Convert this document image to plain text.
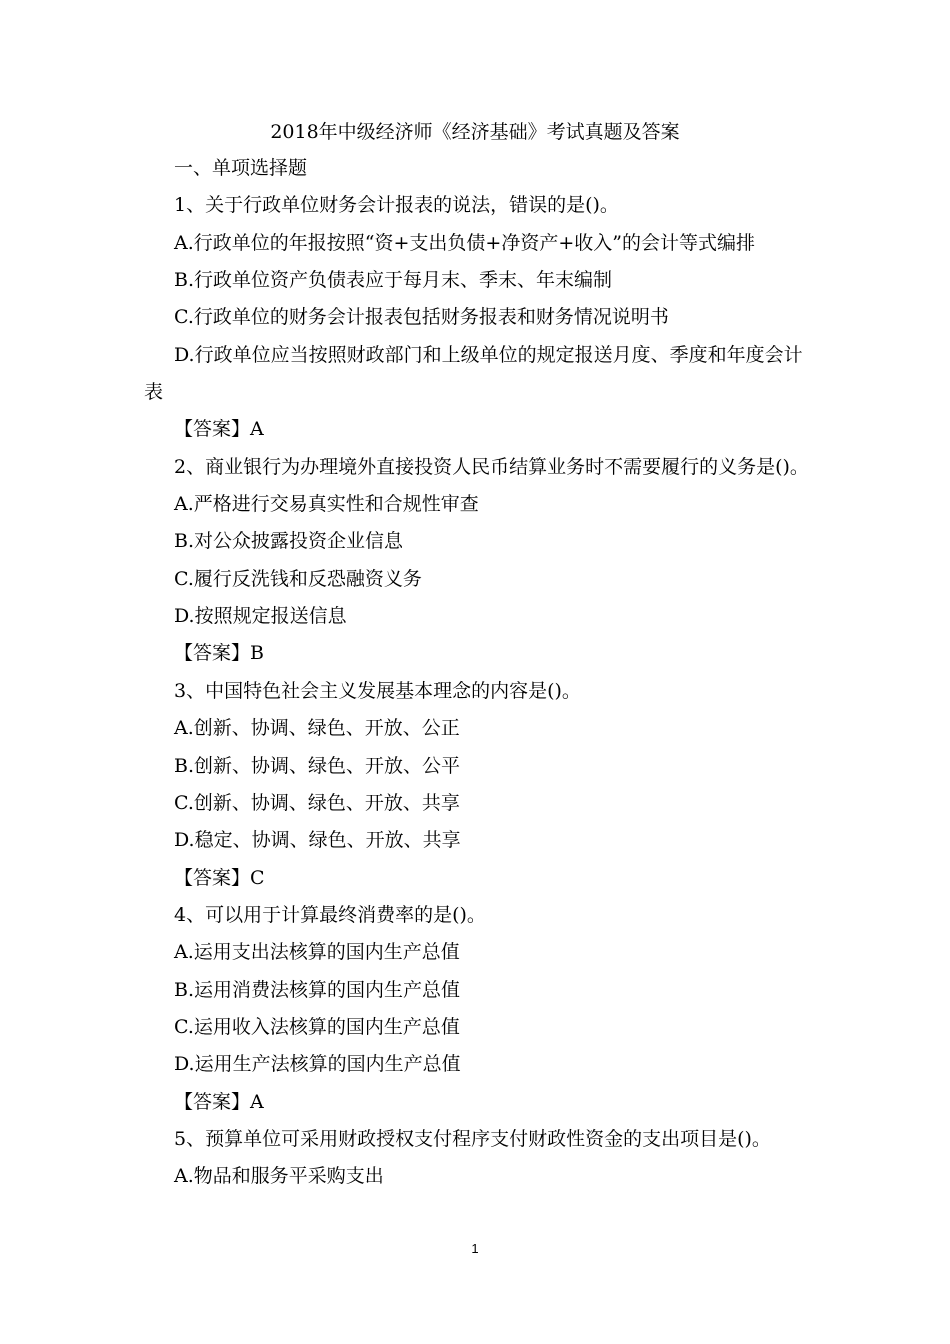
2018年中级经济师《经济基础》考试真题及答案
一、单项选择题
1、关于行政单位财务会计报表的说法，错误的是()。
A.行政单位的年报按照“资+支出负债+净资产+收入”的会计等式编排
B.行政单位资产负债表应于每月末、季末、年末编制
C.行政单位的财务会计报表包括财务报表和财务情况说明书
D.行政单位应当按照财政部门和上级单位的规定报送月度、季度和年度会计
表
【答案】A
2、商业银行为办理境外直接投资人民币结算业务时不需要履行的义务是()。
A.严格进行交易真实性和合规性审查
B.对公众披露投资企业信息
C.履行反洗钱和反恐融资义务
D.按照规定报送信息
【答案】B
3、中国特色社会主义发展基本理念的内容是()。
A.创新、协调、绿色、开放、公正
B.创新、协调、绿色、开放、公平
C.创新、协调、绿色、开放、共享
D.稳定、协调、绿色、开放、共享
【答案】C
4、可以用于计算最终消费率的是()。
A.运用支出法核算的国内生产总值
B.运用消费法核算的国内生产总值
C.运用收入法核算的国内生产总值
D.运用生产法核算的国内生产总值
【答案】A
5、预算单位可采用财政授权支付程序支付财政性资金的支出项目是()。
A.物品和服务平采购支出
1
